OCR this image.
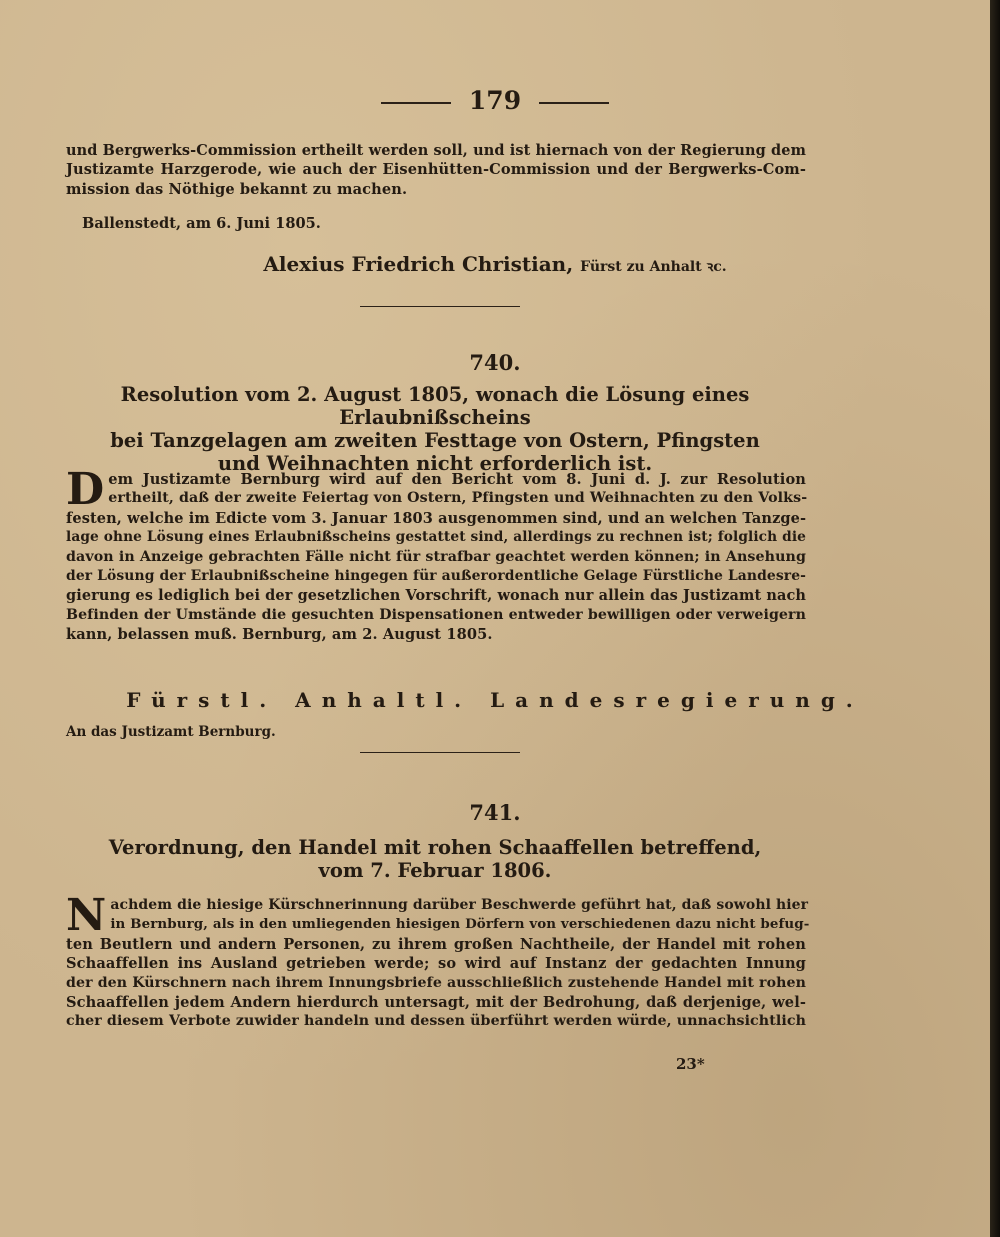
179
und Bergwerks-Commission ertheilt werden soll, und ist hiernach von der Regierung dem
Justizamte Harzgerode, wie auch der Eisenhütten-Commission und der Bergwerks-Com-
mission das Nöthige bekannt zu machen.
Ballenstedt, am 6. Juni 1805.
Alexius Friedrich Christian, Fürst zu Anhalt ꝛc.
740.
Resolution vom 2. August 1805, wonach die Lösung eines Erlaubnißscheins
bei Tanzgelagen am zweiten Festtage von Ostern, Pfingsten
und Weihnachten nicht erforderlich ist.
D em Justizamte Bernburg wird auf den Bericht vom 8. Juni d. J. zur Resolution
ertheilt, daß der zweite Feiertag von Ostern, Pfingsten und Weihnachten zu den Volks-
festen, welche im Edicte vom 3. Januar 1803 ausgenommen sind, und an welchen Tanzge-
lage ohne Lösung eines Erlaubnißscheins gestattet sind, allerdings zu rechnen ist; folglich die
davon in Anzeige gebrachten Fälle nicht für strafbar geachtet werden können; in Ansehung
der Lösung der Erlaubnißscheine hingegen für außerordentliche Gelage Fürstliche Landesre-
gierung es lediglich bei der gesetzlichen Vorschrift, wonach nur allein das Justizamt nach
Befinden der Umstände die gesuchten Dispensationen entweder bewilligen oder verweigern
kann, belassen muß. Bernburg, am 2. August 1805.
Fürstl. Anhaltl. Landesregierung.
An das Justizamt Bernburg.
741.
Verordnung, den Handel mit rohen Schaaffellen betreffend,
vom 7. Februar 1806.
N achdem die hiesige Kürschnerinnung darüber Beschwerde geführt hat, daß sowohl hier
in Bernburg, als in den umliegenden hiesigen Dörfern von verschiedenen dazu nicht befug-
ten Beutlern und andern Personen, zu ihrem großen Nachtheile, der Handel mit rohen
Schaaffellen ins Ausland getrieben werde; so wird auf Instanz der gedachten Innung
der den Kürschnern nach ihrem Innungsbriefe ausschließlich zustehende Handel mit rohen
Schaaffellen jedem Andern hierdurch untersagt, mit der Bedrohung, daß derjenige, wel-
cher diesem Verbote zuwider handeln und dessen überführt werden würde, unnachsichtlich
23*
